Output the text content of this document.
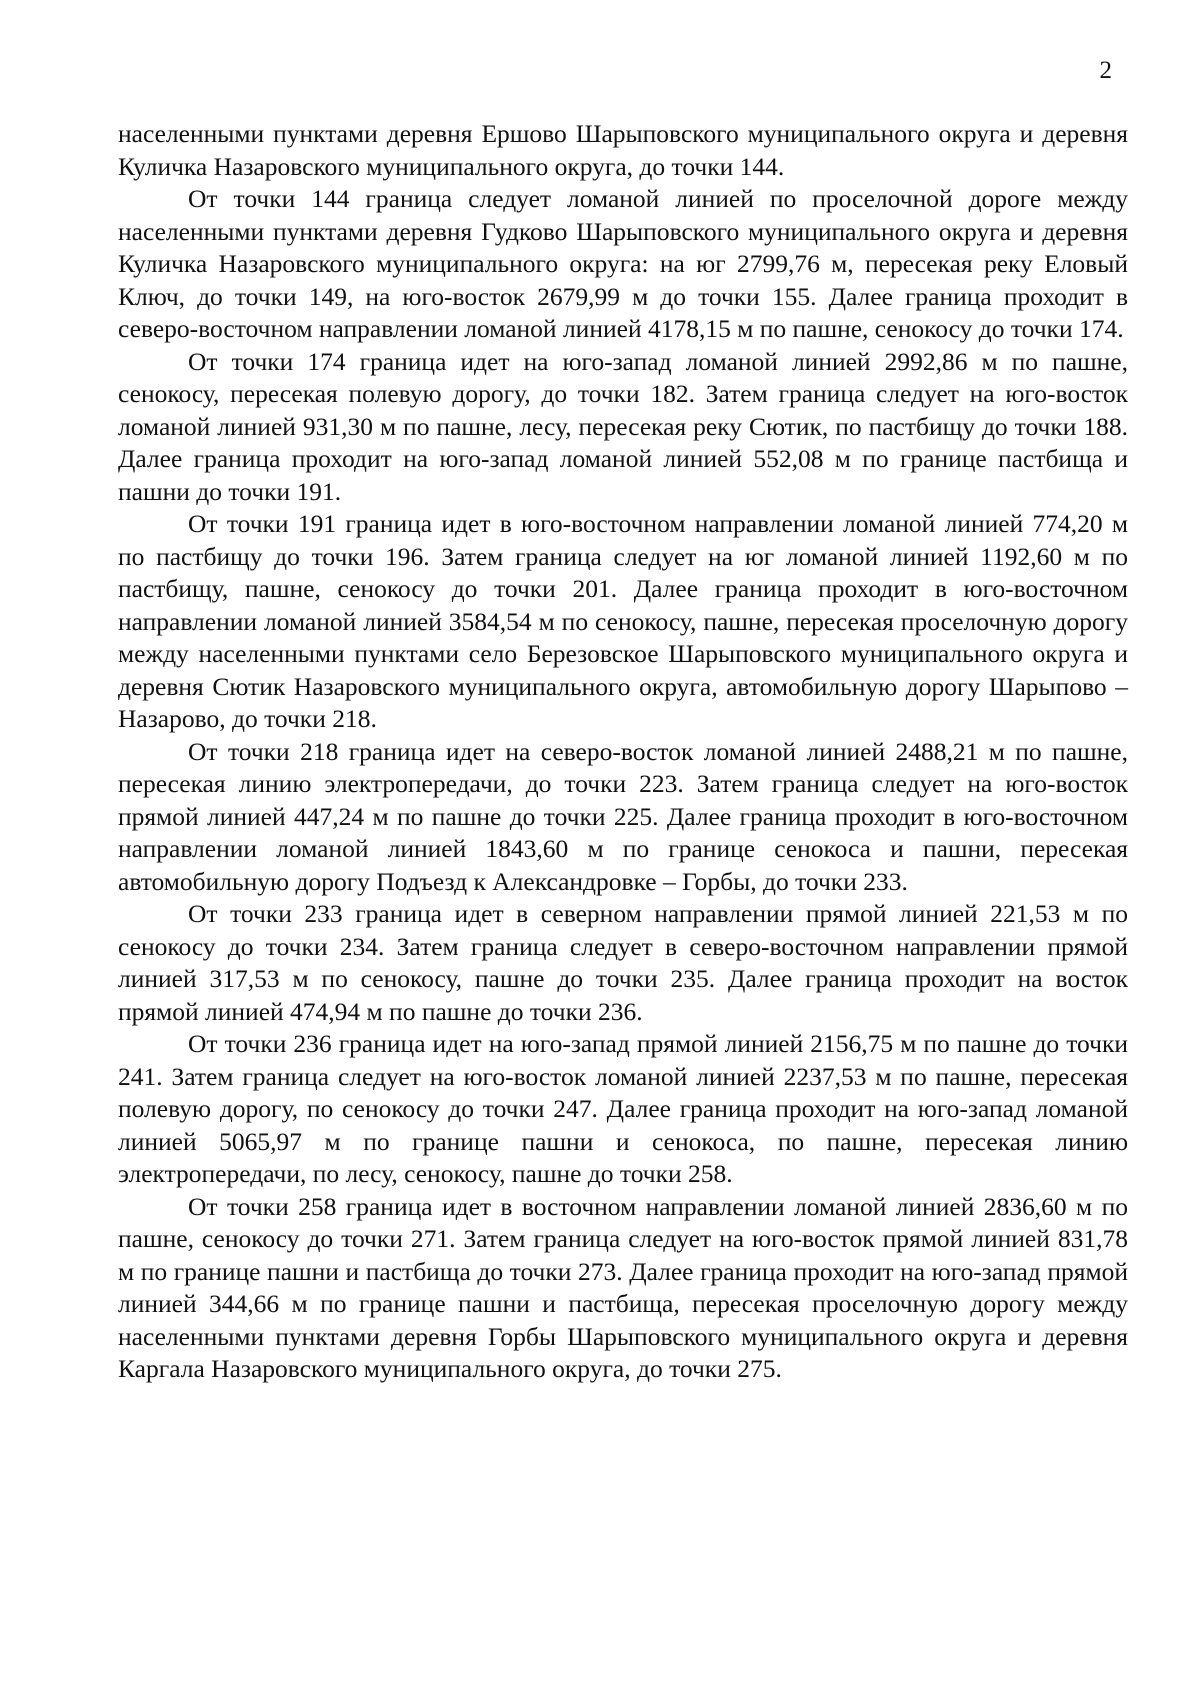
2

населенными пунктами деревня Ершово Шарыповского муниципального округа и деревня Куличка Назаровского муниципального округа, до точки 144.

От точки 144 граница следует ломаной линией по проселочной дороге между населенными пунктами деревня Гудково Шарыповского муниципального округа и деревня Куличка Назаровского муниципального округа: на юг 2799,76 м, пересекая реку Еловый Ключ, до точки 149, на юго-восток 2679,99 м до точки 155. Далее граница проходит в северо-восточном направлении ломаной линией 4178,15 м по пашне, сенокосу до точки 174.

От точки 174 граница идет на юго-запад ломаной линией 2992,86 м по пашне, сенокосу, пересекая полевую дорогу, до точки 182. Затем граница следует на юго-восток ломаной линией 931,30 м по пашне, лесу, пересекая реку Сютик, по пастбищу до точки 188. Далее граница проходит на юго-запад ломаной линией 552,08 м по границе пастбища и пашни до точки 191.

От точки 191 граница идет в юго-восточном направлении ломаной линией 774,20 м по пастбищу до точки 196. Затем граница следует на юг ломаной линией 1192,60 м по пастбищу, пашне, сенокосу до точки 201. Далее граница проходит в юго-восточном направлении ломаной линией 3584,54 м по сенокосу, пашне, пересекая проселочную дорогу между населенными пунктами село Березовское Шарыповского муниципального округа и деревня Сютик Назаровского муниципального округа, автомобильную дорогу Шарыпово – Назарово, до точки 218.

От точки 218 граница идет на северо-восток ломаной линией 2488,21 м по пашне, пересекая линию электропередачи, до точки 223. Затем граница следует на юго-восток прямой линией 447,24 м по пашне до точки 225. Далее граница проходит в юго-восточном направлении ломаной линией 1843,60 м по границе сенокоса и пашни, пересекая автомобильную дорогу Подъезд к Александровке – Горбы, до точки 233.

От точки 233 граница идет в северном направлении прямой линией 221,53 м по сенокосу до точки 234. Затем граница следует в северо-восточном направлении прямой линией 317,53 м по сенокосу, пашне до точки 235. Далее граница проходит на восток прямой линией 474,94 м по пашне до точки 236.

От точки 236 граница идет на юго-запад прямой линией 2156,75 м по пашне до точки 241. Затем граница следует на юго-восток ломаной линией 2237,53 м по пашне, пересекая полевую дорогу, по сенокосу до точки 247. Далее граница проходит на юго-запад ломаной линией 5065,97 м по границе пашни и сенокоса, по пашне, пересекая линию электропередачи, по лесу, сенокосу, пашне до точки 258.

От точки 258 граница идет в восточном направлении ломаной линией 2836,60 м по пашне, сенокосу до точки 271. Затем граница следует на юго-восток прямой линией 831,78 м по границе пашни и пастбища до точки 273. Далее граница проходит на юго-запад прямой линией 344,66 м по границе пашни и пастбища, пересекая проселочную дорогу между населенными пунктами деревня Горбы Шарыповского муниципального округа и деревня Каргала Назаровского муниципального округа, до точки 275.
